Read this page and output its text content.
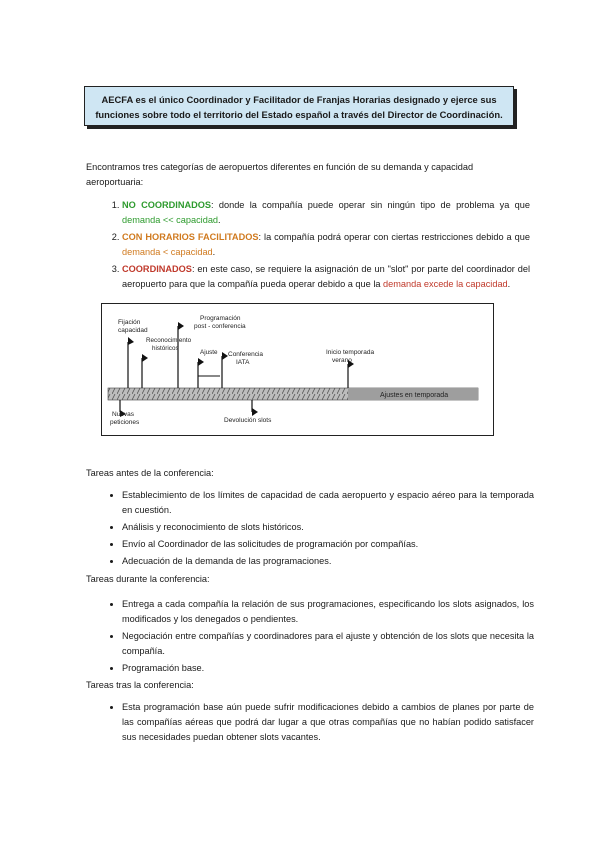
AECFA es el único Coordinador y Facilitador de Franjas Horarias designado y ejerce sus
funciones sobre todo el territorio del Estado español a través del Director de Coordinación.
Encontramos tres categorías de aeropuertos diferentes en función de su demanda y capacidad aeroportuaria:
1. NO COORDINADOS: donde la compañía puede operar sin ningún tipo de problema ya que demanda << capacidad.
2. CON HORARIOS FACILITADOS: la compañía podrá operar con ciertas restricciones debido a que demanda < capacidad.
3. COORDINADOS: en este caso, se requiere la asignación de un "slot" por parte del coordinador del aeropuerto para que la compañía pueda operar debido a que la demanda excede la capacidad.
Ajustes en temporada
Fijación
capacidad
Programación
post - conferencia
Reconocimiento
históricos
Ajuste Conferencia
IATA
Inicio temporada
verano
Nuevas
peticiones	Devolución slots
Tareas antes de la conferencia:
• Establecimiento de los límites de capacidad de cada aeropuerto y espacio aéreo para la temporada en cuestión.
• Análisis y reconocimiento de slots históricos.
• Envío al Coordinador de las solicitudes de programación por compañías.
• Adecuación de la demanda de las programaciones.
Tareas durante la conferencia:
• Entrega a cada compañía la relación de sus programaciones, especificando los slots asignados, los modificados y los denegados o pendientes.
• Negociación entre compañías y coordinadores para el ajuste y obtención de los slots que necesita la compañía.
• Programación base.
Tareas tras la conferencia:
• Esta programación base aún puede sufrir modificaciones debido a cambios de planes por parte de las compañías aéreas que podrá dar lugar a que otras compañías que no habían podido satisfacer sus necesidades puedan obtener slots vacantes.
